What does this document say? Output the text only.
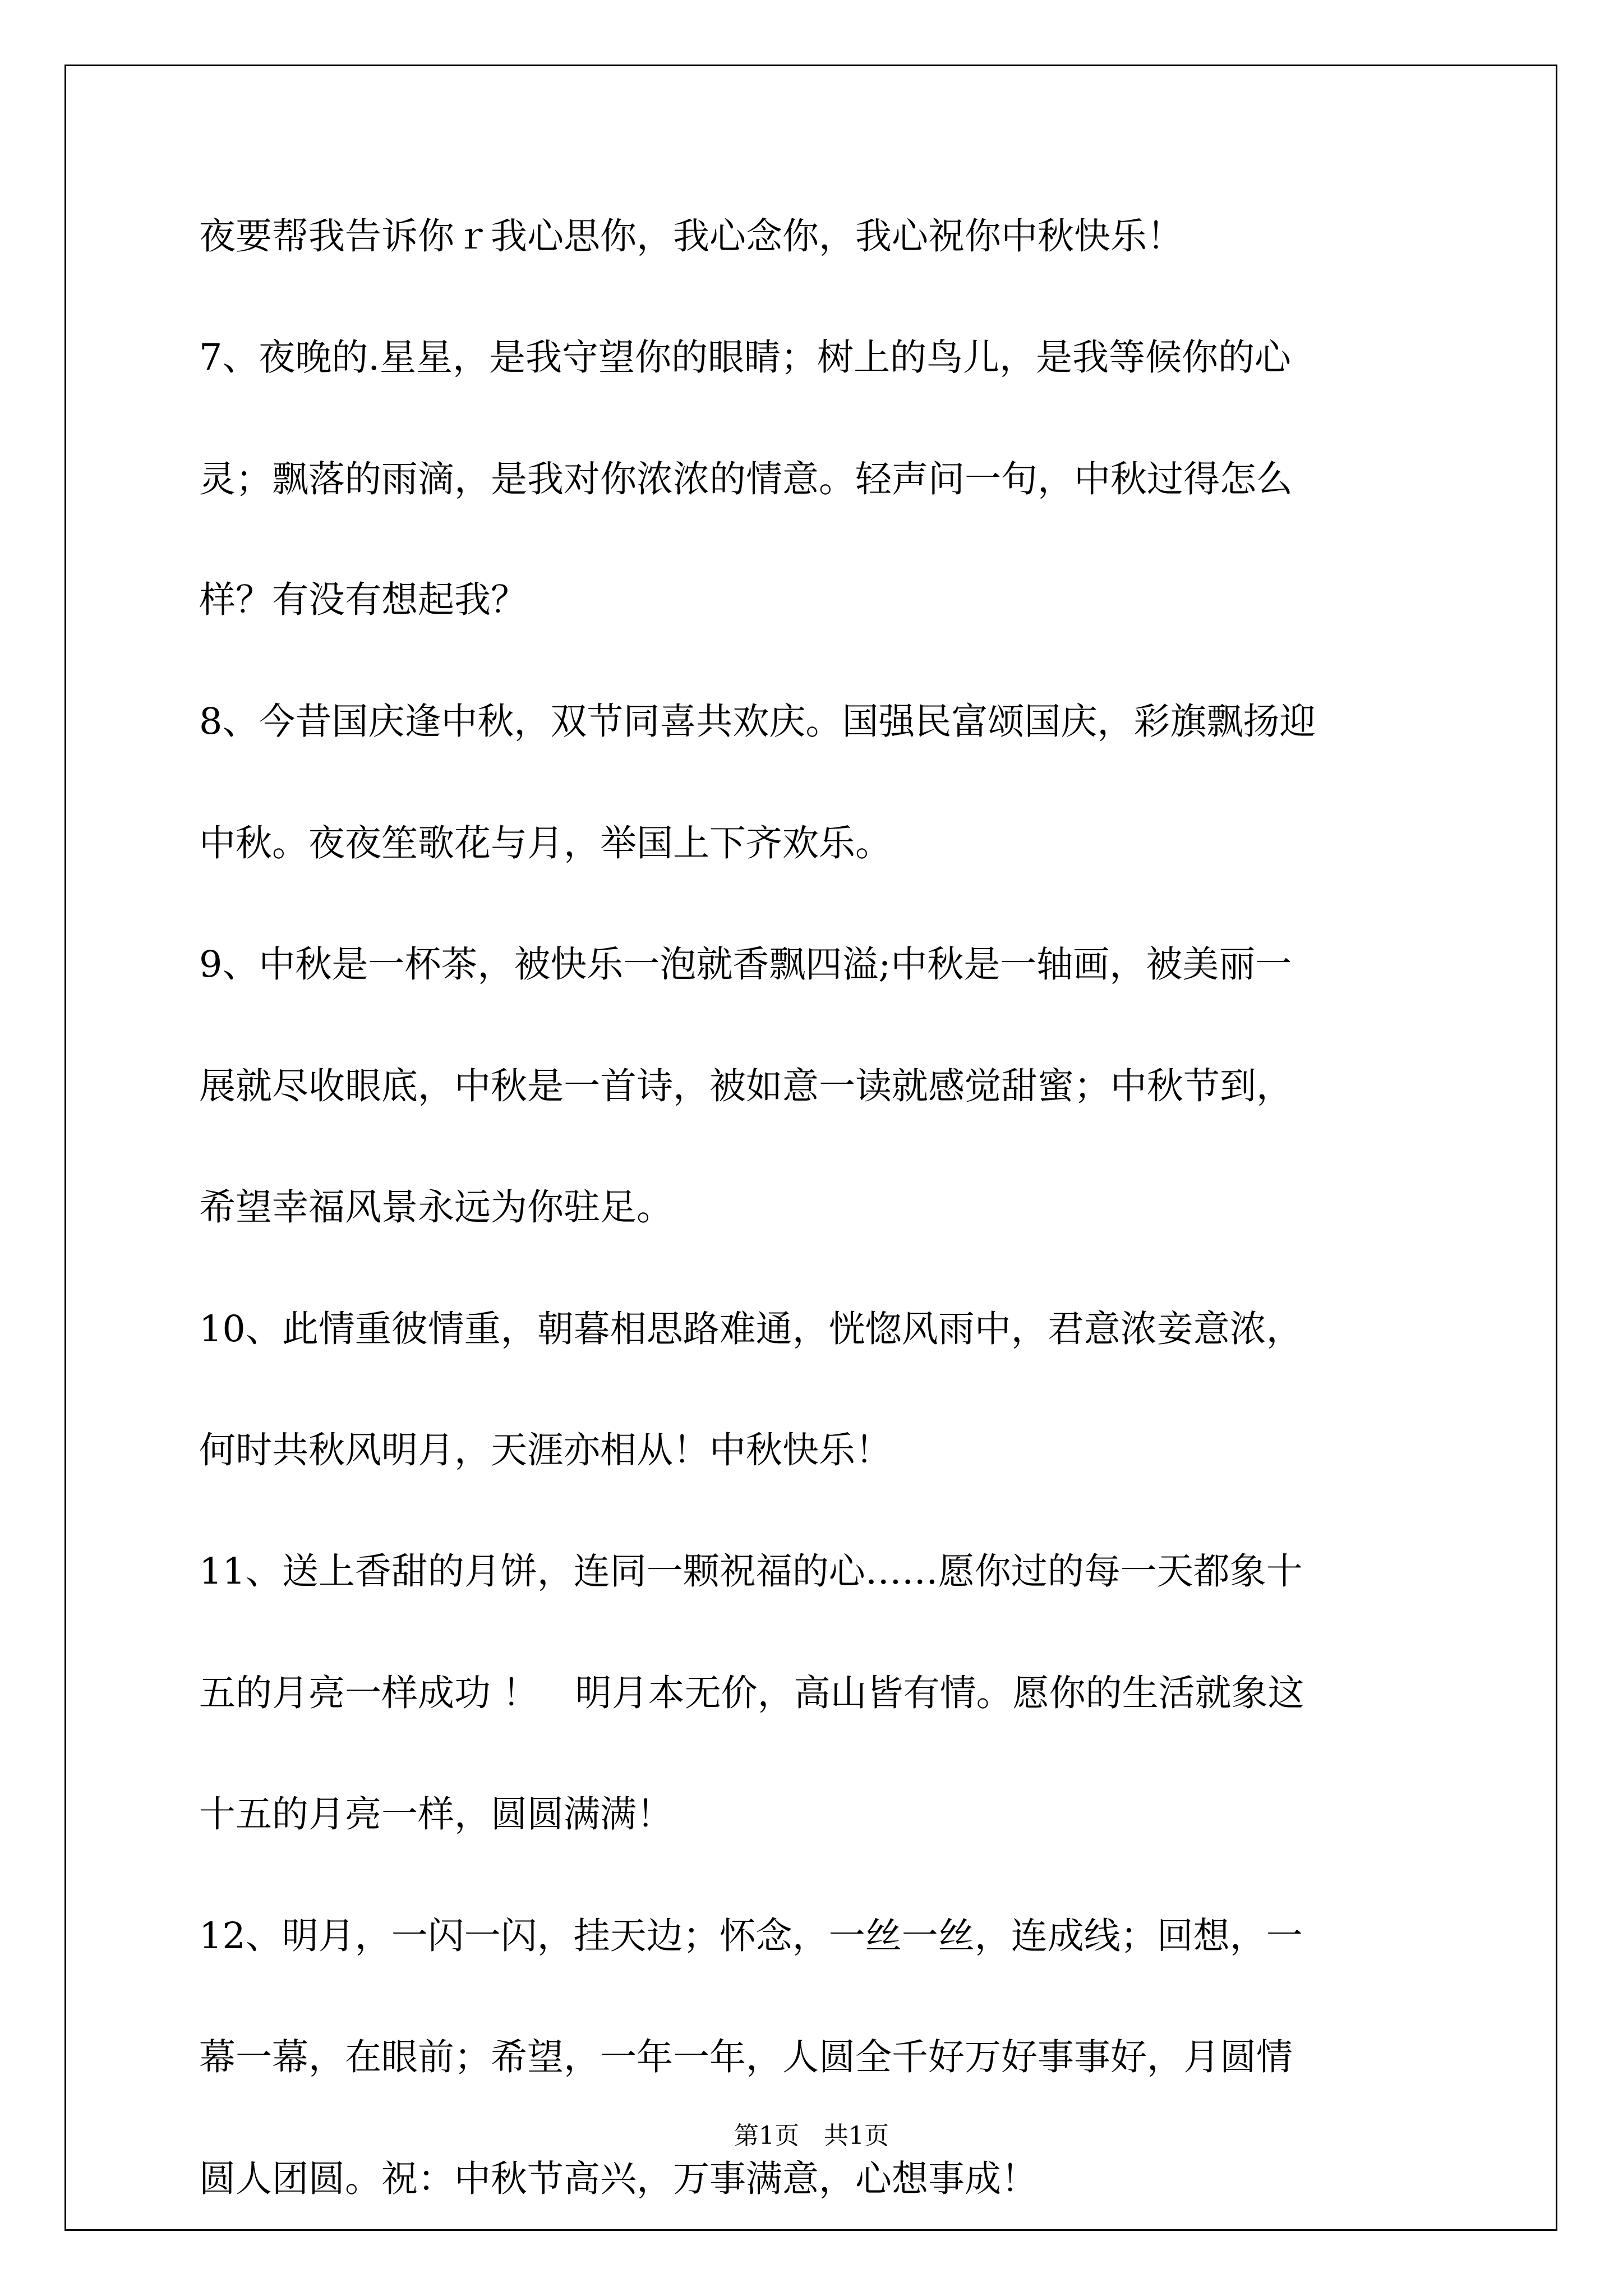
夜要帮我告诉你ｒ我心思你，我心念你，我心祝你中秋快乐！
7、夜晚的.星星，是我守望你的眼睛；树上的鸟儿，是我等候你的心
灵；飘落的雨滴，是我对你浓浓的情意。轻声问一句，中秋过得怎么
样？有没有想起我？
8、今昔国庆逢中秋，双节同喜共欢庆。国强民富颂国庆，彩旗飘扬迎
中秋。夜夜笙歌花与月，举国上下齐欢乐。
9、中秋是一杯茶，被快乐一泡就香飘四溢;中秋是一轴画，被美丽一
展就尽收眼底，中秋是一首诗，被如意一读就感觉甜蜜；中秋节到，
希望幸福风景永远为你驻足。
10、此情重彼情重，朝暮相思路难通，恍惚风雨中，君意浓妾意浓，
何时共秋风明月，天涯亦相从！中秋快乐！
11、送上香甜的月饼，连同一颗祝福的心……愿你过的每一天都象十
五的月亮一样成功 ！　明月本无价，高山皆有情。愿你的生活就象这
十五的月亮一样，圆圆满满！
12、明月，一闪一闪，挂天边；怀念，一丝一丝，连成线；回想，一
幕一幕，在眼前；希望，一年一年，人圆全千好万好事事好，月圆情
圆人团圆。祝：中秋节高兴，万事满意，心想事成！
第1页　共1页
